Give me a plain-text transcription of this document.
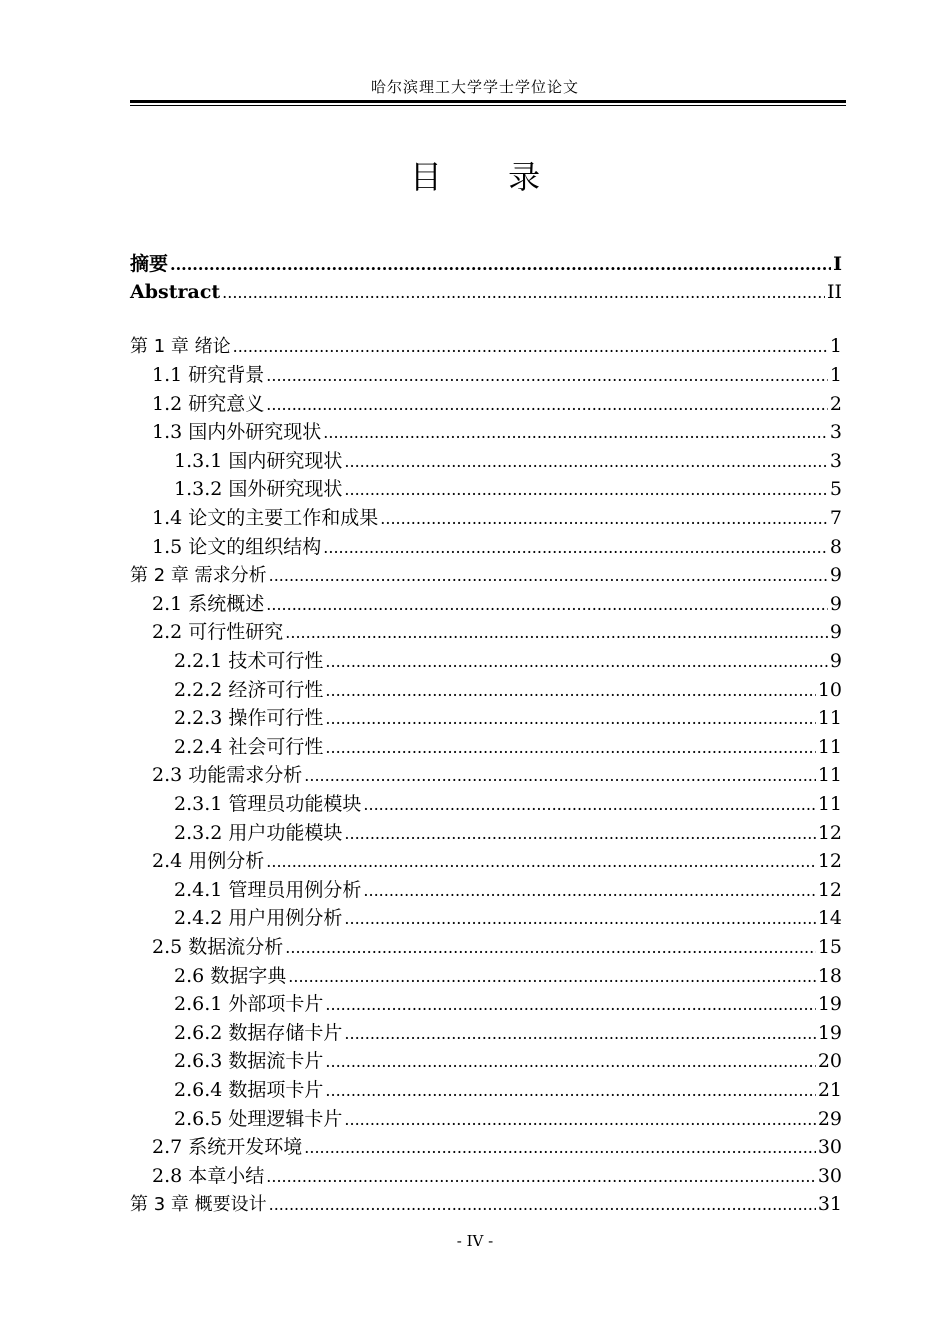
哈尔滨理工大学学士学位论文
目 录
摘要 .....	I
Abstract .....	II
第 1 章 绪论 .....	1
1.1 研究背景 .....	1
1.2 研究意义 .....	2
1.3 国内外研究现状 .....	3
1.3.1 国内研究现状 .....	3
1.3.2 国外研究现状 .....	5
1.4 论文的主要工作和成果 .....	7
1.5 论文的组织结构 .....	8
第 2 章 需求分析 .....	9
2.1 系统概述 .....	9
2.2 可行性研究 .....	9
2.2.1 技术可行性 .....	9
2.2.2 经济可行性 .....	10
2.2.3 操作可行性 .....	11
2.2.4 社会可行性 .....	11
2.3 功能需求分析 .....	11
2.3.1 管理员功能模块 .....	11
2.3.2 用户功能模块 .....	12
2.4 用例分析 .....	12
2.4.1 管理员用例分析 .....	12
2.4.2 用户用例分析 .....	14
2.5 数据流分析 .....	15
2.6 数据字典 .....	18
2.6.1 外部项卡片 .....	19
2.6.2 数据存储卡片 .....	19
2.6.3 数据流卡片 .....	20
2.6.4 数据项卡片 .....	21
2.6.5 处理逻辑卡片 .....	29
2.7 系统开发环境 .....	30
2.8 本章小结 .....	30
第 3 章 概要设计 .....	31
- IV -
